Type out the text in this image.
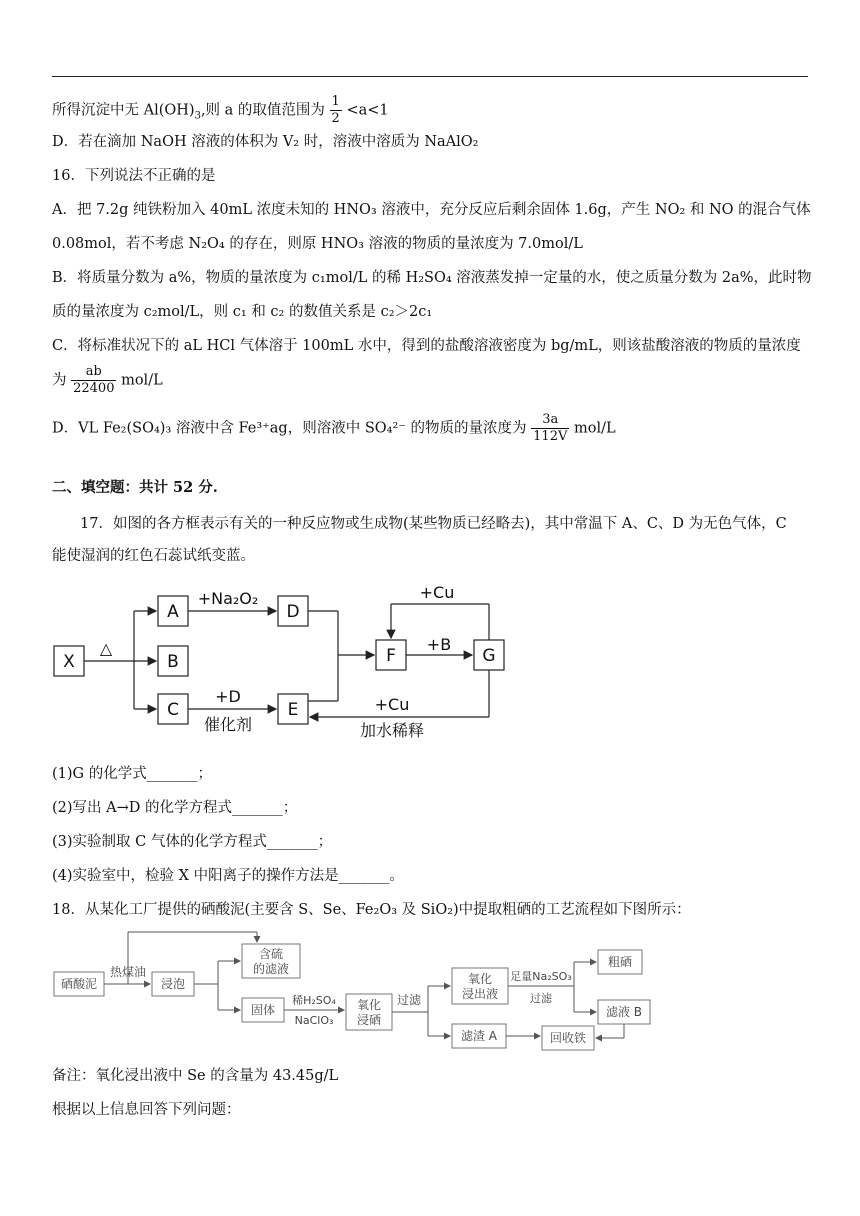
所得沉淀中无 $Al(OH)_3$,则 a 的取值范围为 $\frac{1}{2} <a<1$
D．若在滴加 NaOH 溶液的体积为 V₂ 时，溶液中溶质为 NaAlO₂
16．下列说法不正确的是
A．把 7.2g 纯铁粉加入 40mL 浓度未知的 HNO₃ 溶液中，充分反应后剩余固体 1.6g，产生 NO₂ 和 NO 的混合气体
0.08mol，若不考虑 N₂O₄ 的存在，则原 HNO₃ 溶液的物质的量浓度为 7.0mol/L
B．将质量分数为 a%，物质的量浓度为 c₁mol/L 的稀 H₂SO₄ 溶液蒸发掉一定量的水，使之质量分数为 2a%，此时物
质的量浓度为 c₂mol/L，则 c₁ 和 c₂ 的数值关系是 c₂＞2c₁
C．将标准状况下的 aL HCl 气体溶于 100mL 水中，得到的盐酸溶液密度为 bg/mL，则该盐酸溶液的物质的量浓度
为 $\frac{ab}{22400} mol/L$
D．VL Fe₂(SO₄)₃ 溶液中含 Fe³⁺ag，则溶液中 SO₄²⁻ 的物质的量浓度为 $\frac{3a}{112V} mol/L$
二、填空题：共计 52 分.
17．如图的各方框表示有关的一种反应物或生成物(某些物质已经略去)，其中常温下 A、C、D 为无色气体，C
能使湿润的红色石蕊试纸变蓝。
X
A
B
C
D
E
F	G
△
+Na₂O₂
+D
催化剂
+B
+Cu
+Cu
加水稀释
(1)G 的化学式_______；
(2)写出 A→D 的化学方程式_______；
(3)实验制取 C 气体的化学方程式_______；
(4)实验室中，检验 X 中阳离子的操作方法是_______。
18．从某化工厂提供的硒酸泥(主要含 S、Se、Fe₂O₃ 及 SiO₂)中提取粗硒的工艺流程如下图所示：
硒酸泥
热煤油
浸泡
含硫
的滤液
固体
稀H₂SO₄
NaClO₃
氧化
浸硒
过滤
氧化
浸出液
足量Na₂SO₃
过滤
粗硒
滤液 B
滤渣 A	回收铁
备注：氧化浸出液中 Se 的含量为 43.45g/L
根据以上信息回答下列问题：
